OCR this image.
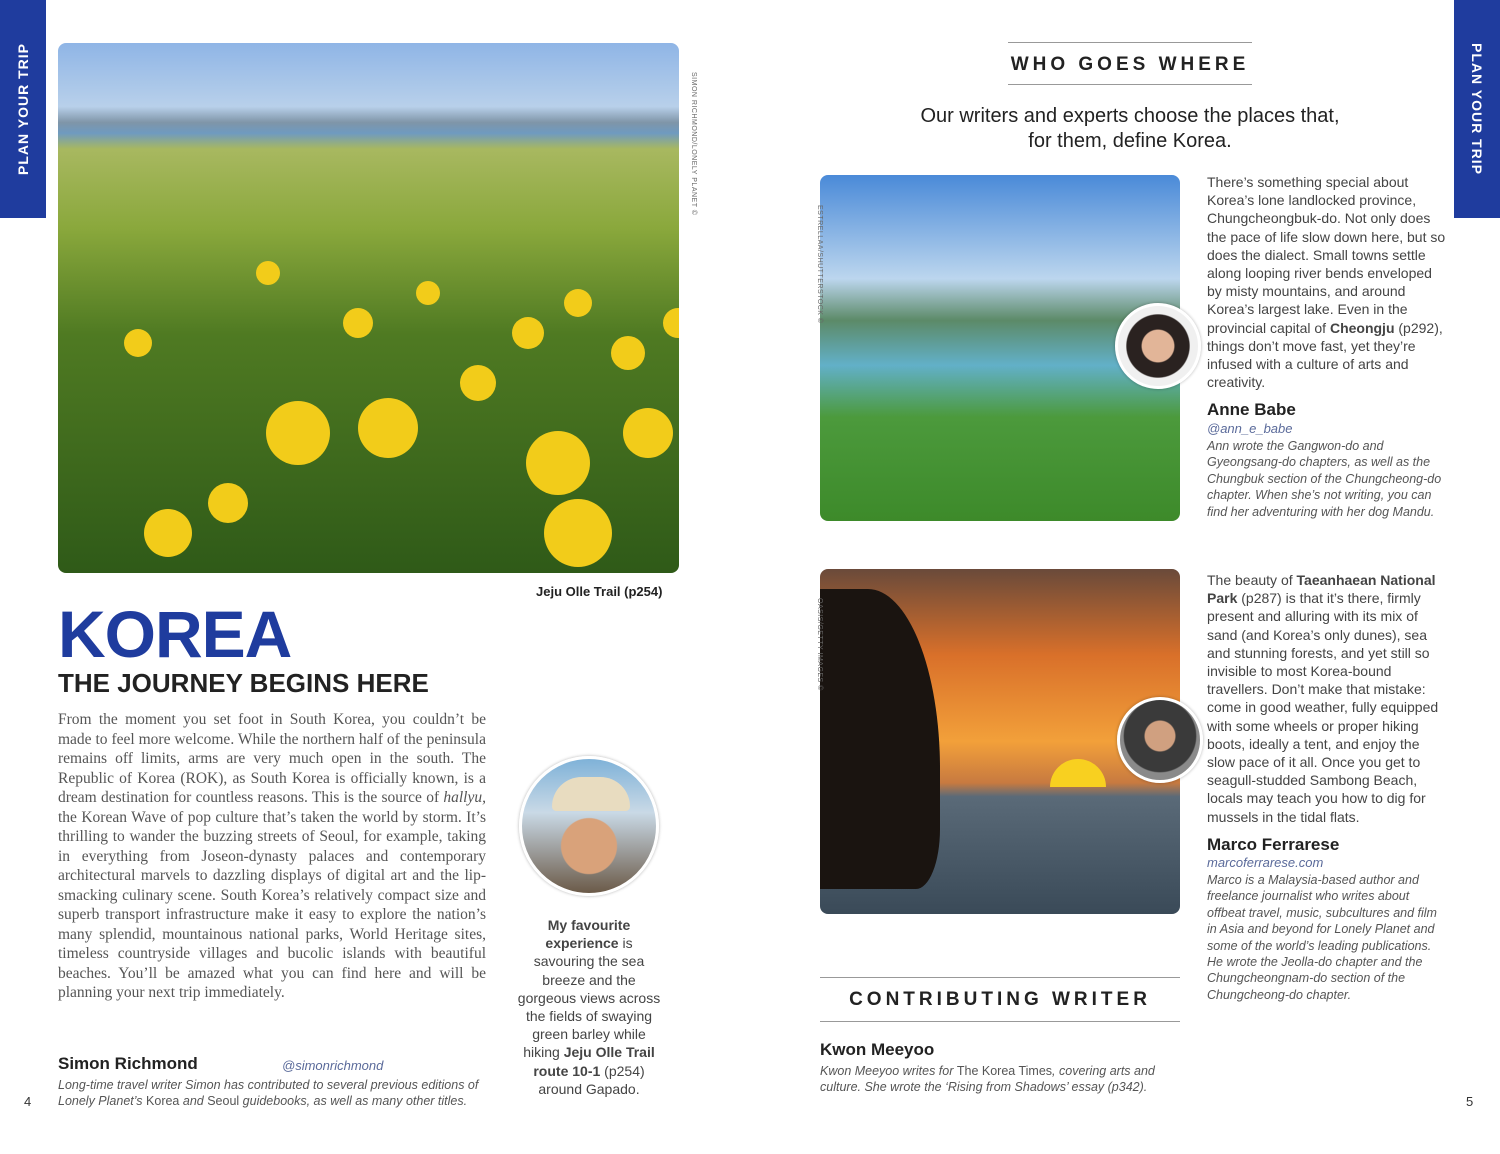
PLAN YOUR TRIP	PLAN YOUR TRIP
SIMON RICHMOND/LONELY PLANET ©
Jeju Olle Trail (p254)
KOREA
THE JOURNEY BEGINS HERE

From the moment you set foot in South Korea, you couldn’t be made to feel more welcome. While the northern half of the peninsula remains off limits, arms are very much open in the south. The Republic of Korea (ROK), as South Korea is officially known, is a dream destination for countless reasons. This is the source of hallyu, the Korean Wave of pop culture that’s taken the world by storm. It’s thrilling to wander the buzzing streets of Seoul, for example, taking in everything from Joseon-dynasty palaces and contemporary architectural marvels to dazzling displays of digital art and the lip-smacking culinary scene. South Korea’s relatively compact size and superb transport infrastructure make it easy to explore the nation’s many splendid, mountainous national parks, World Heritage sites, timeless countryside villages and bucolic islands with beautiful beaches. You’ll be amazed what you can find here and will be planning your next trip immediately.

Simon Richmond	@simonrichmond

Long-time travel writer Simon has contributed to several previous editions of Lonely Planet’s Korea and Seoul guidebooks, as well as many other titles.

My favourite experience is savouring the sea breeze and the gorgeous views across the fields of swaying green barley while hiking Jeju Olle Trail route 10-1 (p254) around Gapado.

4
WHO GOES WHERE
Our writers and experts choose the places that, for them, define Korea.
ESTRELLAA/SHUTTERSTOCK ©

There’s something special about Korea’s lone landlocked province, Chungcheongbuk-do. Not only does the pace of life slow down here, but so does the dialect. Small towns settle along looping river bends enveloped by misty mountains, and around Korea’s largest lake. Even in the provincial capital of Cheongju (p292), things don’t move fast, yet they’re infused with a culture of arts and creativity.

Anne Babe
@ann_e_babe

Ann wrote the Gangwon-do and Gyeongsang-do chapters, as well as the Chungbuk section of the Chungcheong-do chapter. When she’s not writing, you can find her adventuring with her dog Mandu.

OASIS/GETTY IMAGES ©

The beauty of Taeanhaean National Park (p287) is that it’s there, firmly present and alluring with its mix of sand (and Korea’s only dunes), sea and stunning forests, and yet still so invisible to most Korea-bound travellers. Don’t make that mistake: come in good weather, fully equipped with some wheels or proper hiking boots, ideally a tent, and enjoy the slow pace of it all. Once you get to seagull-studded Sambong Beach, locals may teach you how to dig for mussels in the tidal flats.

Marco Ferrarese
marcoferrarese.com

Marco is a Malaysia-based author and freelance journalist who writes about offbeat travel, music, subcultures and film in Asia and beyond for Lonely Planet and some of the world’s leading publications. He wrote the Jeolla-do chapter and the Chungcheongnam-do section of the Chungcheong-do chapter.

CONTRIBUTING WRITER
Kwon Meeyoo

Kwon Meeyoo writes for The Korea Times, covering arts and culture. She wrote the ‘Rising from Shadows’ essay (p342).

5
